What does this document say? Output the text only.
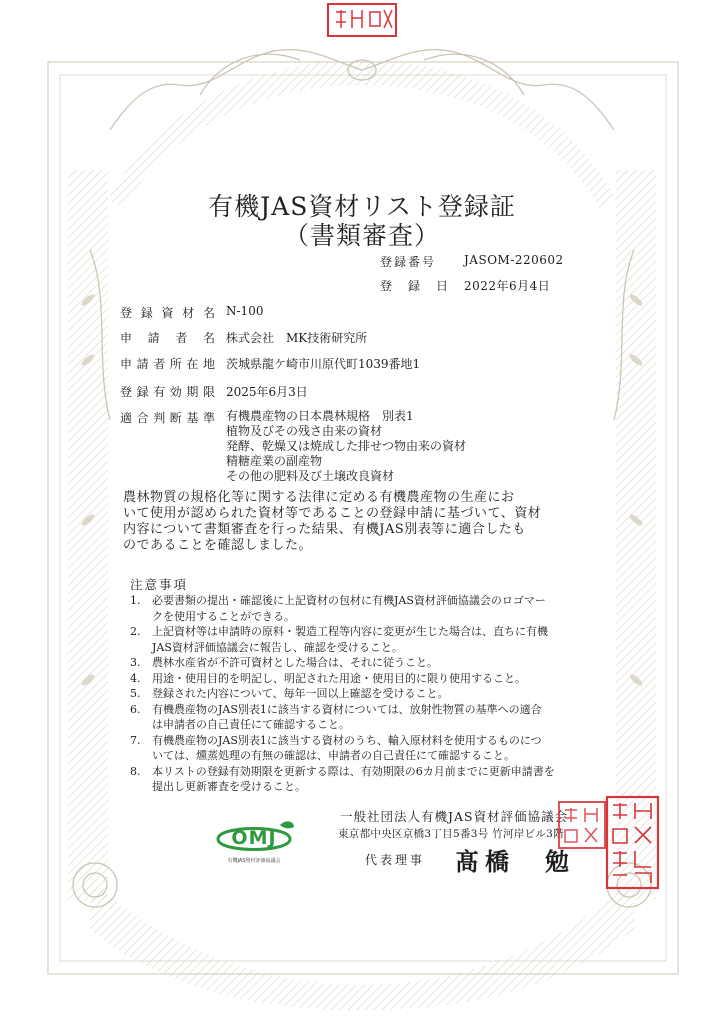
有機JAS資材リスト登録証
（書類審査）
登録番号 JASOM-220602
登　録　日 2022年6月4日
登録資材名 N-100
申請者名 株式会社　MK技術研究所
申請者所在地 茨城県龍ケ崎市川原代町1039番地1
登録有効期限 2025年6月3日
適合判断基準 有機農産物の日本農林規格　別表1
植物及びその残さ由来の資材
発酵、乾燥又は焼成した排せつ物由来の資材
精糖産業の副産物
その他の肥料及び土壌改良資材
農林物質の規格化等に関する法律に定める有機農産物の生産にお
いて使用が認められた資材等であることの登録申請に基づいて、資材
内容について書類審査を行った結果、有機JAS別表等に適合したも
のであることを確認しました。
注意事項
1.	必要書類の提出・確認後に上記資材の包材に有機JAS資材評価協議会のロゴマー
クを使用することができる。
2.	上記資材等は申請時の原料・製造工程等内容に変更が生じた場合は、直ちに有機
JAS資材評価協議会に報告し、確認を受けること。
3.	農林水産省が不許可資材とした場合は、それに従うこと。
4.	用途・使用目的を明記し、明記された用途・使用目的に限り使用すること。
5.	登録された内容について、毎年一回以上確認を受けること。
6.	有機農産物のJAS別表1に該当する資材については、放射性物質の基準への適合
は申請者の自己責任にて確認すること。
7.	有機農産物のJAS別表1に該当する資材のうち、輸入原材料を使用するものにつ
いては、燻蒸処理の有無の確認は、申請者の自己責任にて確認すること。
8.	本リストの登録有効期限を更新する際は、有効期限の6カ月前までに更新申請書を
提出し更新審査を受けること。
OMJ
有機JAS資材評価協議会
一般社団法人有機JAS資材評価協議会
東京都中央区京橋3丁目5番3号 竹河岸ビル3階
代表理事 髙橋　勉
